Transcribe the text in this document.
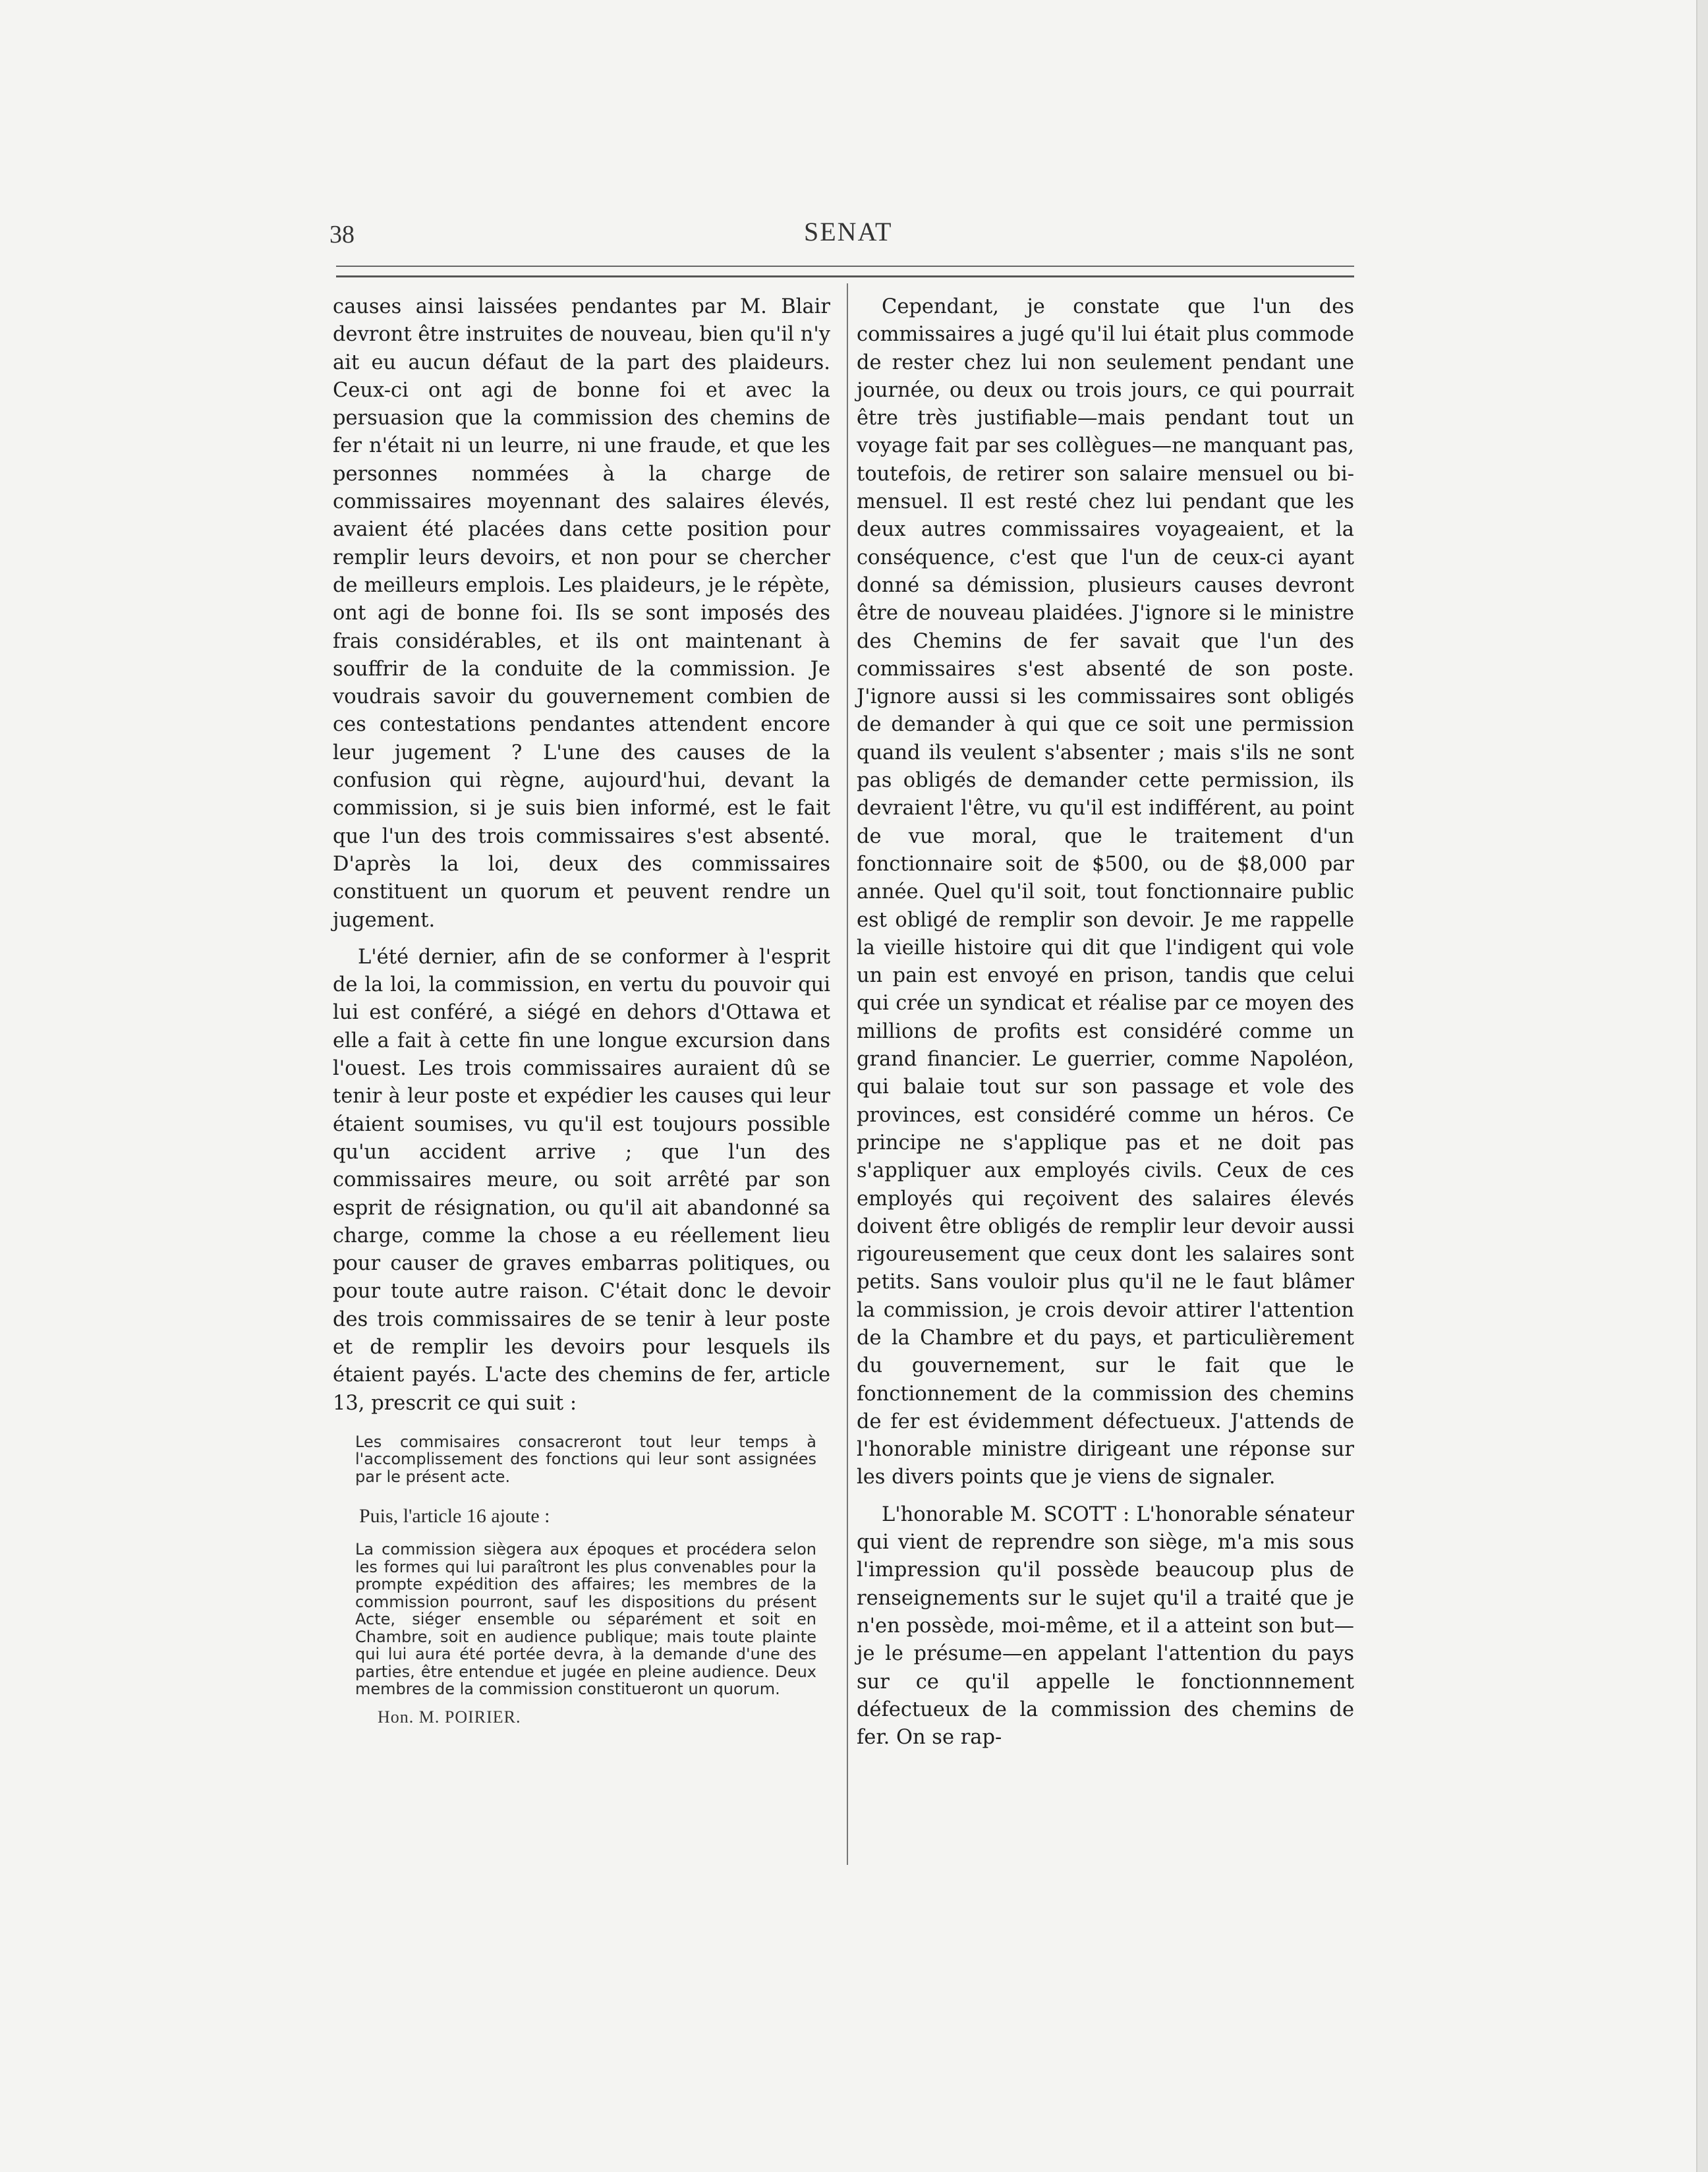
38	SENAT

causes ainsi laissées pendantes par M. Blair devront être instruites de nouveau, bien qu'il n'y ait eu aucun défaut de la part des plaideurs. Ceux-ci ont agi de bonne foi et avec la persuasion que la commission des chemins de fer n'était ni un leurre, ni une fraude, et que les personnes nommées à la charge de commissaires moyennant des salaires élevés, avaient été placées dans cette position pour remplir leurs devoirs, et non pour se chercher de meilleurs emplois. Les plaideurs, je le répète, ont agi de bonne foi. Ils se sont imposés des frais considérables, et ils ont maintenant à souffrir de la conduite de la commission. Je voudrais savoir du gouvernement combien de ces contestations pendantes attendent encore leur jugement ? L'une des causes de la confusion qui règne, aujourd'hui, devant la commission, si je suis bien informé, est le fait que l'un des trois commissaires s'est absenté. D'après la loi, deux des commissaires constituent un quorum et peuvent rendre un jugement.

L'été dernier, afin de se conformer à l'esprit de la loi, la commission, en vertu du pouvoir qui lui est conféré, a siégé en dehors d'Ottawa et elle a fait à cette fin une longue excursion dans l'ouest. Les trois commissaires auraient dû se tenir à leur poste et expédier les causes qui leur étaient soumises, vu qu'il est toujours possible qu'un accident arrive ; que l'un des commissaires meure, ou soit arrêté par son esprit de résignation, ou qu'il ait abandonné sa charge, comme la chose a eu réellement lieu pour causer de graves embarras politiques, ou pour toute autre raison. C'était donc le devoir des trois commissaires de se tenir à leur poste et de remplir les devoirs pour lesquels ils étaient payés. L'acte des chemins de fer, article 13, prescrit ce qui suit :

Les commisaires consacreront tout leur temps à l'accomplissement des fonctions qui leur sont assignées par le présent acte.

Puis, l'article 16 ajoute :

La commission siègera aux époques et procédera selon les formes qui lui paraîtront les plus convenables pour la prompte expédition des affaires; les membres de la commission pourront, sauf les dispositions du présent Acte, siéger ensemble ou séparément et soit en Chambre, soit en audience publique; mais toute plainte qui lui aura été portée devra, à la demande d'une des parties, être entendue et jugée en pleine audience. Deux membres de la commission constitueront un quorum.

Hon. M. POIRIER.

Cependant, je constate que l'un des commissaires a jugé qu'il lui était plus commode de rester chez lui non seulement pendant une journée, ou deux ou trois jours, ce qui pourrait être très justifiable—mais pendant tout un voyage fait par ses collègues—ne manquant pas, toutefois, de retirer son salaire mensuel ou bi-mensuel. Il est resté chez lui pendant que les deux autres commissaires voyageaient, et la conséquence, c'est que l'un de ceux-ci ayant donné sa démission, plusieurs causes devront être de nouveau plaidées. J'ignore si le ministre des Chemins de fer savait que l'un des commissaires s'est absenté de son poste. J'ignore aussi si les commissaires sont obligés de demander à qui que ce soit une permission quand ils veulent s'absenter ; mais s'ils ne sont pas obligés de demander cette permission, ils devraient l'être, vu qu'il est indifférent, au point de vue moral, que le traitement d'un fonctionnaire soit de $500, ou de $8,000 par année. Quel qu'il soit, tout fonctionnaire public est obligé de remplir son devoir. Je me rappelle la vieille histoire qui dit que l'indigent qui vole un pain est envoyé en prison, tandis que celui qui crée un syndicat et réalise par ce moyen des millions de profits est considéré comme un grand financier. Le guerrier, comme Napoléon, qui balaie tout sur son passage et vole des provinces, est considéré comme un héros. Ce principe ne s'applique pas et ne doit pas s'appliquer aux employés civils. Ceux de ces employés qui reçoivent des salaires élevés doivent être obligés de remplir leur devoir aussi rigoureusement que ceux dont les salaires sont petits. Sans vouloir plus qu'il ne le faut blâmer la commission, je crois devoir attirer l'attention de la Chambre et du pays, et particulièrement du gouvernement, sur le fait que le fonctionnement de la commission des chemins de fer est évidemment défectueux. J'attends de l'honorable ministre dirigeant une réponse sur les divers points que je viens de signaler.

L'honorable M. SCOTT : L'honorable sénateur qui vient de reprendre son siège, m'a mis sous l'impression qu'il possède beaucoup plus de renseignements sur le sujet qu'il a traité que je n'en possède, moi-même, et il a atteint son but—je le présume—en appelant l'attention du pays sur ce qu'il appelle le fonctionnnement défectueux de la commission des chemins de fer. On se rap-
